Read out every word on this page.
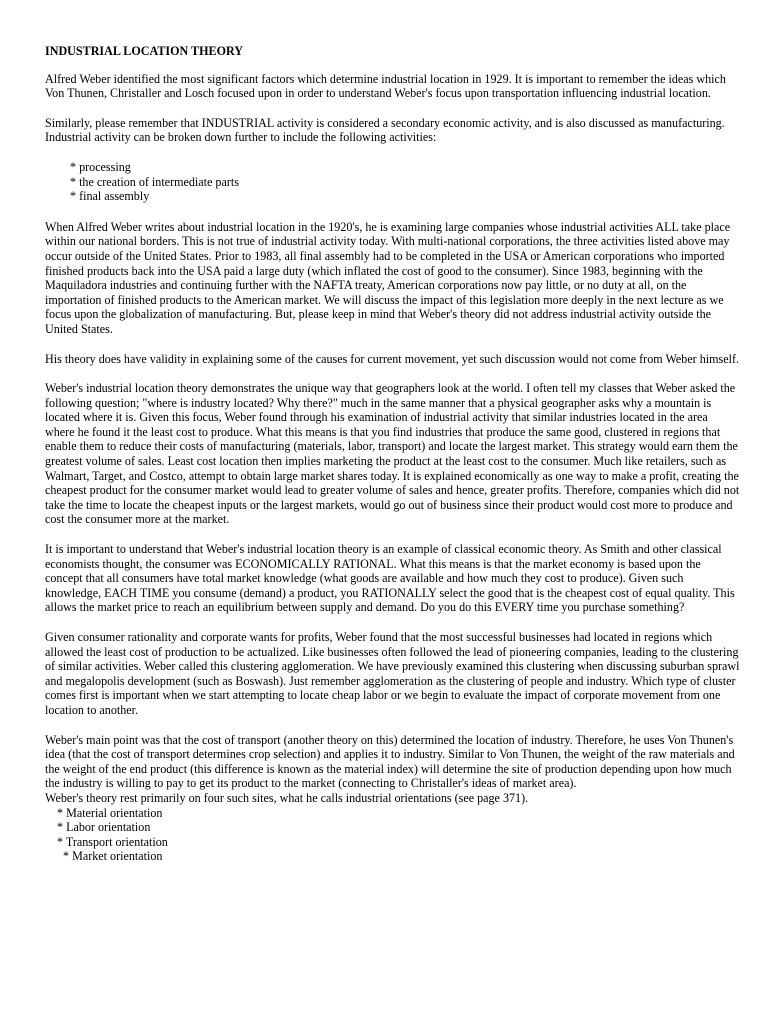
INDUSTRIAL LOCATION THEORY

Alfred Weber identified the most significant factors which determine industrial location in 1929. It is important to remember the ideas which Von Thunen, Christaller and Losch focused upon in order to understand Weber's focus upon transportation influencing industrial location.

Similarly, please remember that INDUSTRIAL activity is considered a secondary economic activity, and is also discussed as manufacturing. Industrial activity can be broken down further to include the following activities:

* processing
* the creation of intermediate parts
* final assembly

When Alfred Weber writes about industrial location in the 1920's, he is examining large companies whose industrial activities ALL take place within our national borders. This is not true of industrial activity today. With multi-national corporations, the three activities listed above may occur outside of the United States. Prior to 1983, all final assembly had to be completed in the USA or American corporations who imported finished products back into the USA paid a large duty (which inflated the cost of good to the consumer). Since 1983, beginning with the Maquiladora industries and continuing further with the NAFTA treaty, American corporations now pay little, or no duty at all, on the importation of finished products to the American market. We will discuss the impact of this legislation more deeply in the next lecture as we focus upon the globalization of manufacturing. But, please keep in mind that Weber's theory did not address industrial activity outside the United States.

His theory does have validity in explaining some of the causes for current movement, yet such discussion would not come from Weber himself.

Weber's industrial location theory demonstrates the unique way that geographers look at the world. I often tell my classes that Weber asked the following question; "where is industry located? Why there?" much in the same manner that a physical geographer asks why a mountain is located where it is. Given this focus, Weber found through his examination of industrial activity that similar industries located in the area where he found it the least cost to produce. What this means is that you find industries that produce the same good, clustered in regions that enable them to reduce their costs of manufacturing (materials, labor, transport) and locate the largest market. This strategy would earn them the greatest volume of sales. Least cost location then implies marketing the product at the least cost to the consumer. Much like retailers, such as Walmart, Target, and Costco, attempt to obtain large market shares today. It is explained economically as one way to make a profit, creating the cheapest product for the consumer market would lead to greater volume of sales and hence, greater profits. Therefore, companies which did not take the time to locate the cheapest inputs or the largest markets, would go out of business since their product would cost more to produce and cost the consumer more at the market.

It is important to understand that Weber's industrial location theory is an example of classical economic theory. As Smith and other classical economists thought, the consumer was ECONOMICALLY RATIONAL. What this means is that the market economy is based upon the concept that all consumers have total market knowledge (what goods are available and how much they cost to produce). Given such knowledge, EACH TIME you consume (demand) a product, you RATIONALLY select the good that is the cheapest cost of equal quality. This allows the market price to reach an equilibrium between supply and demand. Do you do this EVERY time you purchase something?

Given consumer rationality and corporate wants for profits, Weber found that the most successful businesses had located in regions which allowed the least cost of production to be actualized. Like businesses often followed the lead of pioneering companies, leading to the clustering of similar activities. Weber called this clustering agglomeration. We have previously examined this clustering when discussing suburban sprawl and megalopolis development (such as Boswash). Just remember agglomeration as the clustering of people and industry. Which type of cluster comes first is important when we start attempting to locate cheap labor or we begin to evaluate the impact of corporate movement from one location to another.

Weber's main point was that the cost of transport (another theory on this) determined the location of industry. Therefore, he uses Von Thunen's idea (that the cost of transport determines crop selection) and applies it to industry. Similar to Von Thunen, the weight of the raw materials and the weight of the end product (this difference is known as the material index) will determine the site of production depending upon how much the industry is willing to pay to get its product to the market (connecting to Christaller's ideas of market area).

Weber's theory rest primarily on four such sites, what he calls industrial orientations (see page 371).

* Material orientation
* Labor orientation
* Transport orientation
* Market orientation
